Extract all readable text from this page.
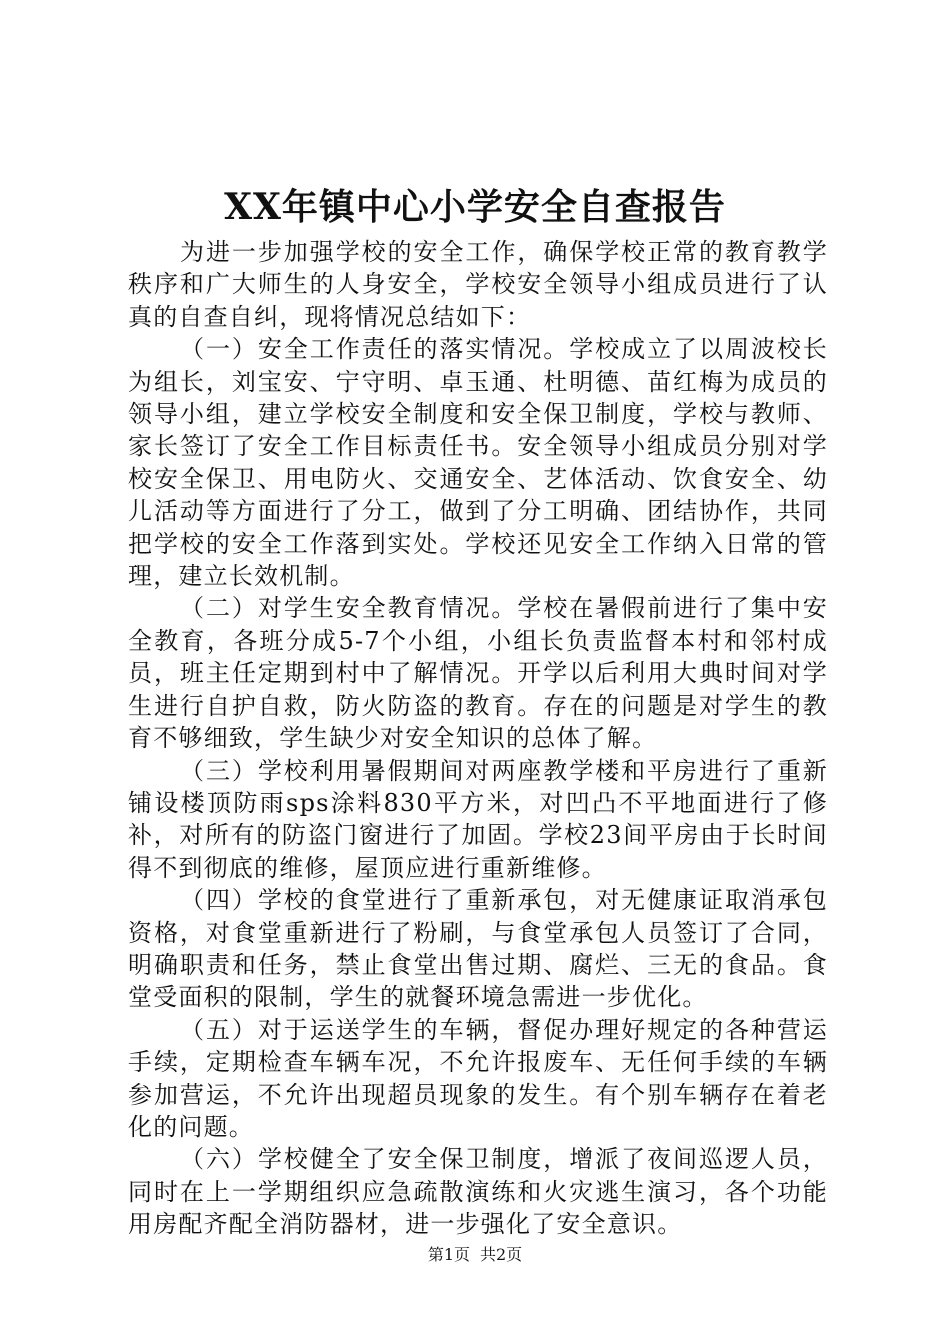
XX年镇中心小学安全自查报告

为进一步加强学校的安全工作，确保学校正常的教育教学秩序和广大师生的人身安全，学校安全领导小组成员进行了认真的自查自纠，现将情况总结如下：

（一）安全工作责任的落实情况。学校成立了以周波校长为组长，刘宝安、宁守明、卓玉通、杜明德、苗红梅为成员的领导小组，建立学校安全制度和安全保卫制度，学校与教师、家长签订了安全工作目标责任书。安全领导小组成员分别对学校安全保卫、用电防火、交通安全、艺体活动、饮食安全、幼儿活动等方面进行了分工，做到了分工明确、团结协作，共同把学校的安全工作落到实处。学校还见安全工作纳入日常的管理，建立长效机制。

（二）对学生安全教育情况。学校在暑假前进行了集中安全教育，各班分成5-7个小组，小组长负责监督本村和邻村成员，班主任定期到村中了解情况。开学以后利用大典时间对学生进行自护自救，防火防盗的教育。存在的问题是对学生的教育不够细致，学生缺少对安全知识的总体了解。

（三）学校利用暑假期间对两座教学楼和平房进行了重新铺设楼顶防雨sps涂料830平方米，对凹凸不平地面进行了修补，对所有的防盗门窗进行了加固。学校23间平房由于长时间得不到彻底的维修，屋顶应进行重新维修。

（四）学校的食堂进行了重新承包，对无健康证取消承包资格，对食堂重新进行了粉刷，与食堂承包人员签订了合同，明确职责和任务，禁止食堂出售过期、腐烂、三无的食品。食堂受面积的限制，学生的就餐环境急需进一步优化。

（五）对于运送学生的车辆，督促办理好规定的各种营运手续，定期检查车辆车况，不允许报废车、无任何手续的车辆参加营运，不允许出现超员现象的发生。有个别车辆存在着老化的问题。

（六）学校健全了安全保卫制度，增派了夜间巡逻人员，同时在上一学期组织应急疏散演练和火灾逃生演习，各个功能用房配齐配全消防器材，进一步强化了安全意识。

第1页 共2页
